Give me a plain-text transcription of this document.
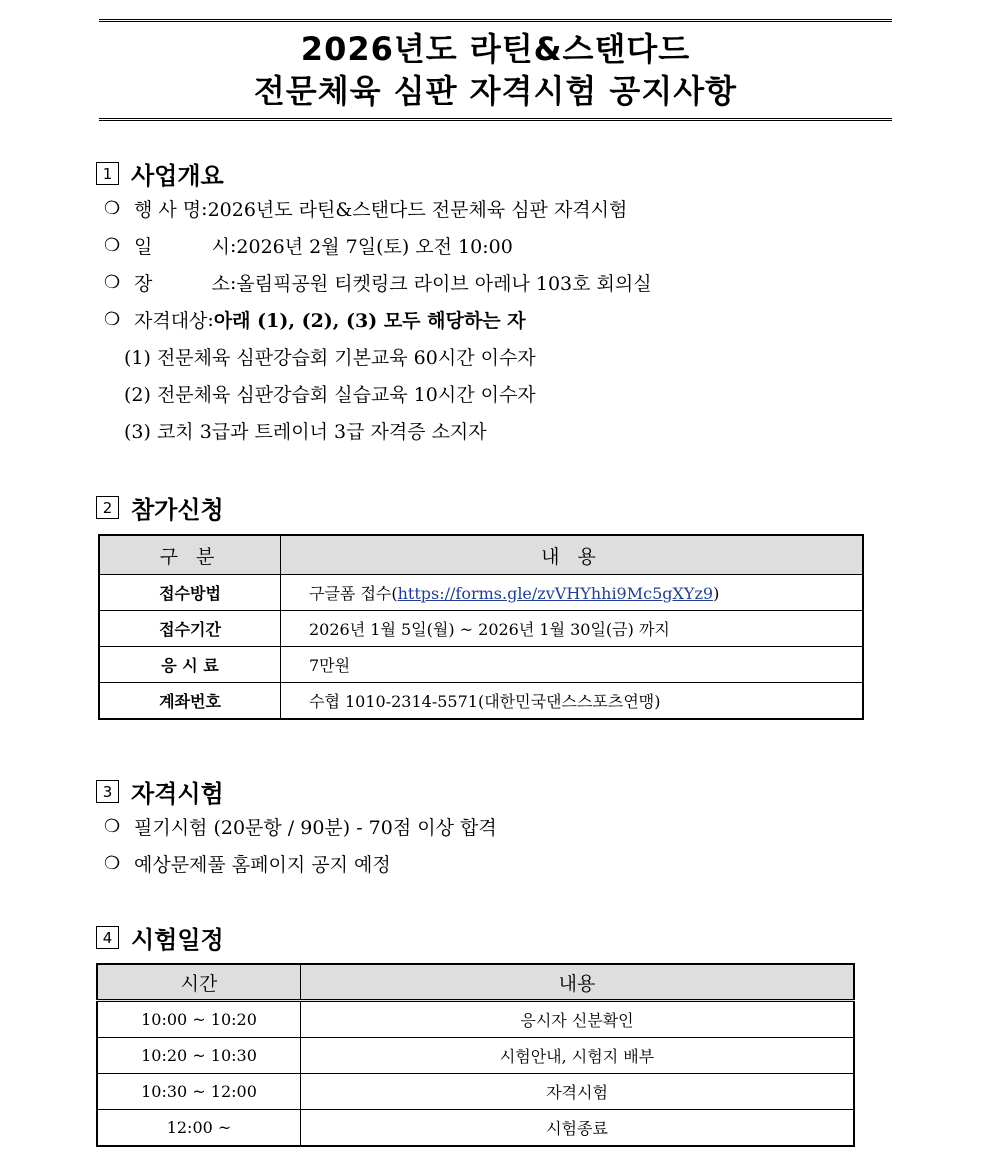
2026년도 라틴&스탠다드
전문체육 심판 자격시험 공지사항
1 사업개요
❍ 행 사 명 : 2026년도 라틴&스탠다드 전문체육 심판 자격시험
❍ 일	시 : 2026년 2월 7일(토) 오전 10:00
❍ 장	소 : 올림픽공원 티켓링크 라이브 아레나 103호 회의실
❍ 자격대상 : 아래 (1), (2), (3) 모두 해당하는 자
(1) 전문체육 심판강습회 기본교육 60시간 이수자
(2) 전문체육 심판강습회 실습교육 10시간 이수자
(3) 코치 3급과 트레이너 3급 자격증 소지자
2 참가신청
구 분	내 용
접수방법	구글폼 접수(https://forms.gle/zvVHYhhi9Mc5gXYz9)
접수기간	2026년 1월 5일(월) ~ 2026년 1월 30일(금) 까지
응 시 료	7만원
계좌번호	수협 1010-2314-5571(대한민국댄스스포츠연맹)
3 자격시험
❍ 필기시험 (20문항 / 90분) - 70점 이상 합격
❍ 예상문제풀 홈페이지 공지 예정
4 시험일정
시간	내용
10:00 ~ 10:20	응시자 신분확인
10:20 ~ 10:30	시험안내, 시험지 배부
10:30 ~ 12:00	자격시험
12:00 ~	시험종료
